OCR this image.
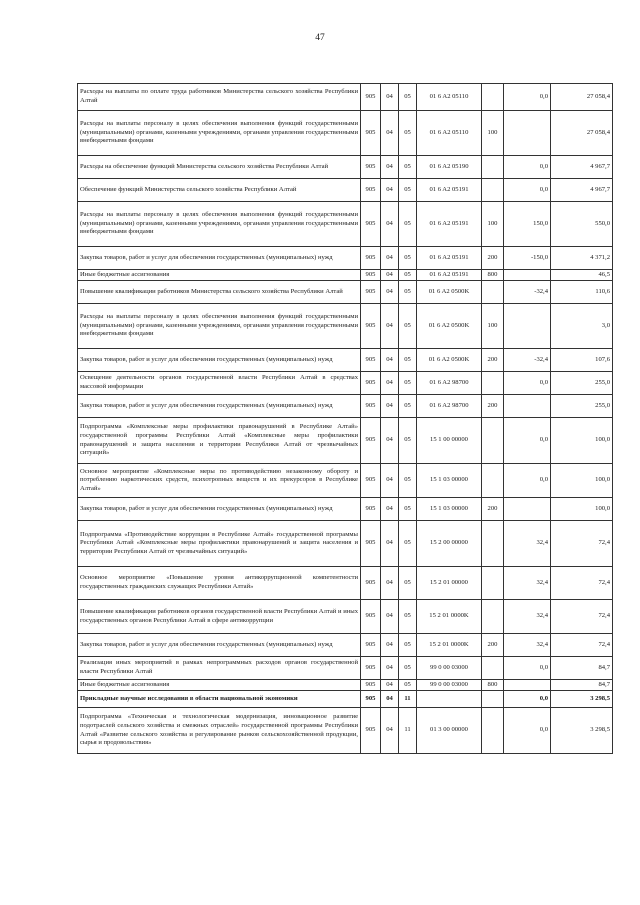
47
Расходы на выплаты по оплате труда работников Министерства сельского хозяйства Республики Алтай	905	04	05	01 6 A2 05110		0,0	27 058,4
Расходы на выплаты персоналу в целях обеспечения выполнения функций государственными (муниципальными) органами, казенными учреждениями, органами управления государственными внебюджетными фондами	905	04	05	01 6 A2 05110	100		27 058,4
Расходы на обеспечение функций Министерства сельского хозяйства Республики Алтай	905	04	05	01 6 A2 05190		0,0	4 967,7
Обеспечение функций Министерства сельского хозяйства Республики Алтай	905	04	05	01 6 A2 05191		0,0	4 967,7
Расходы на выплаты персоналу в целях обеспечения выполнения функций государственными (муниципальными) органами, казенными учреждениями, органами управления государственными внебюджетными фондами	905	04	05	01 6 A2 05191	100	150,0	550,0
Закупка товаров, работ и услуг для обеспечения государственных (муниципальных) нужд	905	04	05	01 6 A2 05191	200	-150,0	4 371,2
Иные бюджетные ассигнования	905	04	05	01 6 A2 05191	800		46,5
Повышение квалификации работников Министерства сельского хозяйства Республики Алтай	905	04	05	01 6 A2 0500K		-32,4	110,6
Расходы на выплаты персоналу в целях обеспечения выполнения функций государственными (муниципальными) органами, казенными учреждениями, органами управления государственными внебюджетными фондами	905	04	05	01 6 A2 0500K	100		3,0
Закупка товаров, работ и услуг для обеспечения государственных (муниципальных) нужд	905	04	05	01 6 A2 0500K	200	-32,4	107,6
Освещение деятельности органов государственной власти Республики Алтай в средствах массовой информации	905	04	05	01 6 A2 98700		0,0	255,0
Закупка товаров, работ и услуг для обеспечения государственных (муниципальных) нужд	905	04	05	01 6 A2 98700	200		255,0
Подпрограмма «Комплексные меры профилактики правонарушений в Республике Алтай» государственной программы Республики Алтай «Комплексные меры профилактики правонарушений и защита населения и территории Республики Алтай от чрезвычайных ситуаций»	905	04	05	15 1 00 00000		0,0	100,0
Основное мероприятие «Комплексные меры по противодействию незаконному обороту и потреблению наркотических средств, психотропных веществ и их прекурсоров в Республике Алтай»	905	04	05	15 1 03 00000		0,0	100,0
Закупка товаров, работ и услуг для обеспечения государственных (муниципальных) нужд	905	04	05	15 1 03 00000	200		100,0
Подпрограмма «Противодействие коррупции в Республике Алтай» государственной программы Республики Алтай «Комплексные меры профилактики правонарушений и защита населения и территории Республики Алтай от чрезвычайных ситуаций»	905	04	05	15 2 00 00000		32,4	72,4
Основное мероприятие «Повышение уровня антикоррупционной компетентности государственных гражданских служащих Республики Алтай»	905	04	05	15 2 01 00000		32,4	72,4
Повышение квалификации работников органов государственной власти Республики Алтай и иных государственных органов Республики Алтай в сфере антикоррупции	905	04	05	15 2 01 0000K		32,4	72,4
Закупка товаров, работ и услуг для обеспечения государственных (муниципальных) нужд	905	04	05	15 2 01 0000K	200	32,4	72,4
Реализация иных мероприятий в рамках непрограммных расходов органов государственной власти Республики Алтай	905	04	05	99 0 00 03000		0,0	84,7
Иные бюджетные ассигнования	905	04	05	99 0 00 03000	800		84,7
Прикладные научные исследования в области национальной экономики	905	04	11			0,0	3 298,5
Подпрограмма «Техническая и технологическая модернизация, инновационное развитие подотраслей сельского хозяйства и смежных отраслей» государственной программы Республики Алтай «Развитие сельского хозяйства и регулирование рынков сельскохозяйственной продукции, сырья и продовольствия»	905	04	11	01 3 00 00000		0,0	3 298,5
